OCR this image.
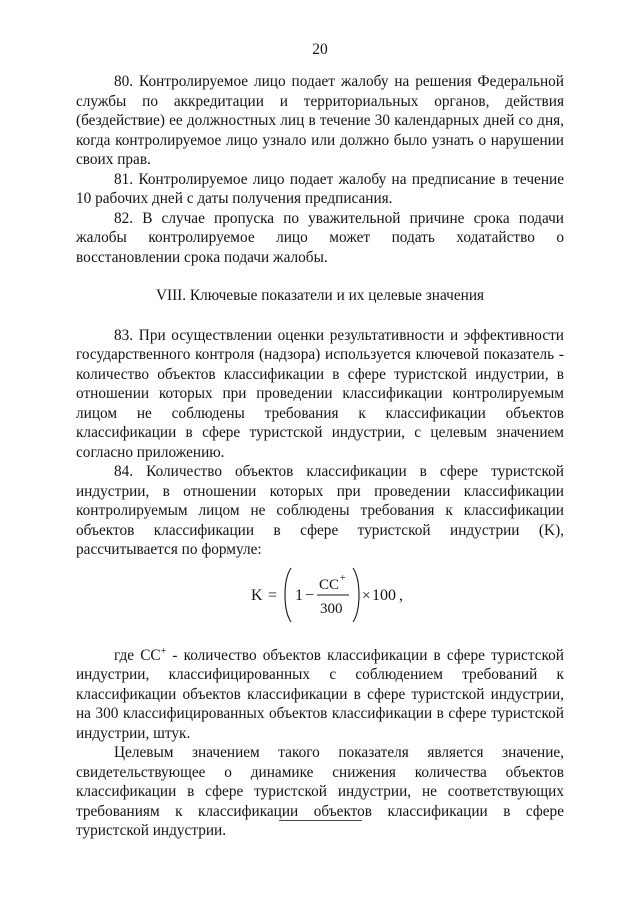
20

80. Контролируемое лицо подает жалобу на решения Федеральной службы по аккредитации и территориальных органов, действия (бездействие) ее должностных лиц в течение 30 календарных дней со дня, когда контролируемое лицо узнало или должно было узнать о нарушении своих прав.

81. Контролируемое лицо подает жалобу на предписание в течение 10 рабочих дней с даты получения предписания.

82. В случае пропуска по уважительной причине срока подачи жалобы контролируемое лицо может подать ходатайство о восстановлении срока подачи жалобы.

VIII. Ключевые показатели и их целевые значения

83. При осуществлении оценки результативности и эффективности государственного контроля (надзора) используется ключевой показатель - количество объектов классификации в сфере туристской индустрии, в отношении которых при проведении классификации контролируемым лицом не соблюдены требования к классификации объектов классификации в сфере туристской индустрии, с целевым значением согласно приложению.

84. Количество объектов классификации в сфере туристской индустрии, в отношении которых при проведении классификации контролируемым лицом не соблюдены требования к классификации объектов классификации в сфере туристской индустрии (K), рассчитывается по формуле:

K = 1 −
CC +
300
× 100 ,

где СС+ - количество объектов классификации в сфере туристской индустрии, классифицированных с соблюдением требований к классификации объектов классификации в сфере туристской индустрии, на 300 классифицированных объектов классификации в сфере туристской индустрии, штук.

Целевым значением такого показателя является значение, свидетельствующее о динамике снижения количества объектов классификации в сфере туристской индустрии, не соответствующих требованиям к классификации объектов классификации в сфере туристской индустрии.
